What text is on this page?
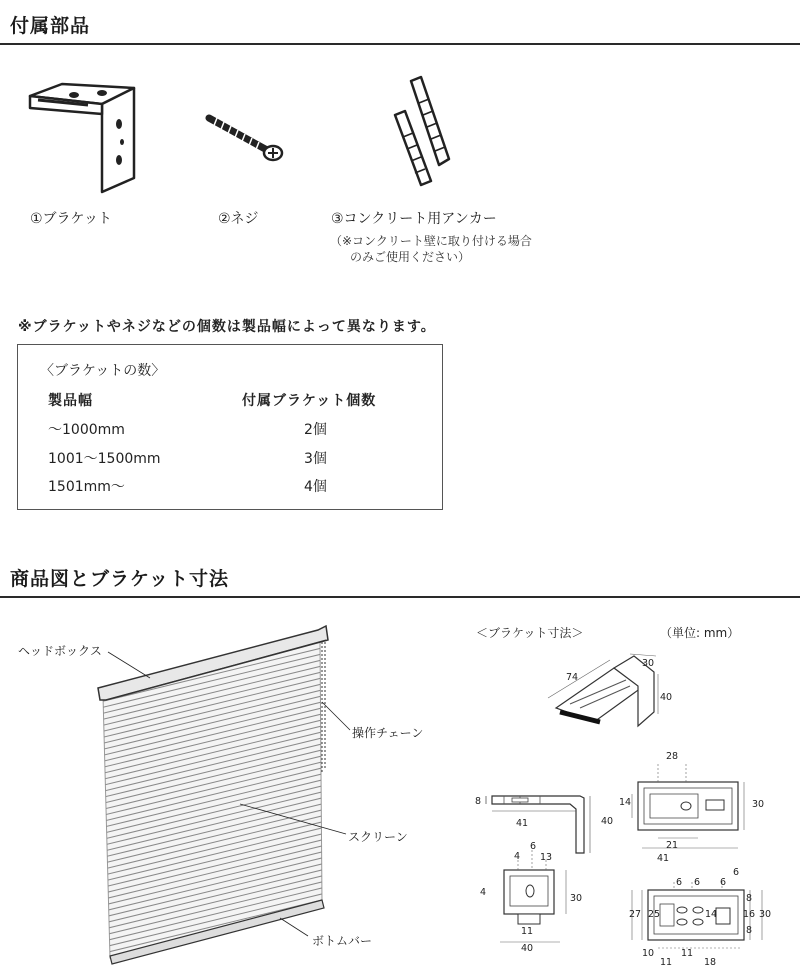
付属部品
①ブラケット	②ネジ	③コンクリート用アンカー
（※コンクリート壁に取り付ける場合
のみご使用ください）
※ブラケットやネジなどの個数は製品幅によって異なります。
〈ブラケットの数〉
製品幅	付属ブラケット個数
～1000mm	2個
1001～1500mm	3個
1501mm～	4個
商品図とブラケット寸法
ヘッドボックス
操作チェーン
スクリーン
ボトムバー
＜ブラケット寸法＞	（単位: mm）
74
30
40
8
41	40
28
14	30
21
41
4
6
13
4
30
11
40
6 6 6
6
8
27 25	14	16 30
8
10
11
11
18
